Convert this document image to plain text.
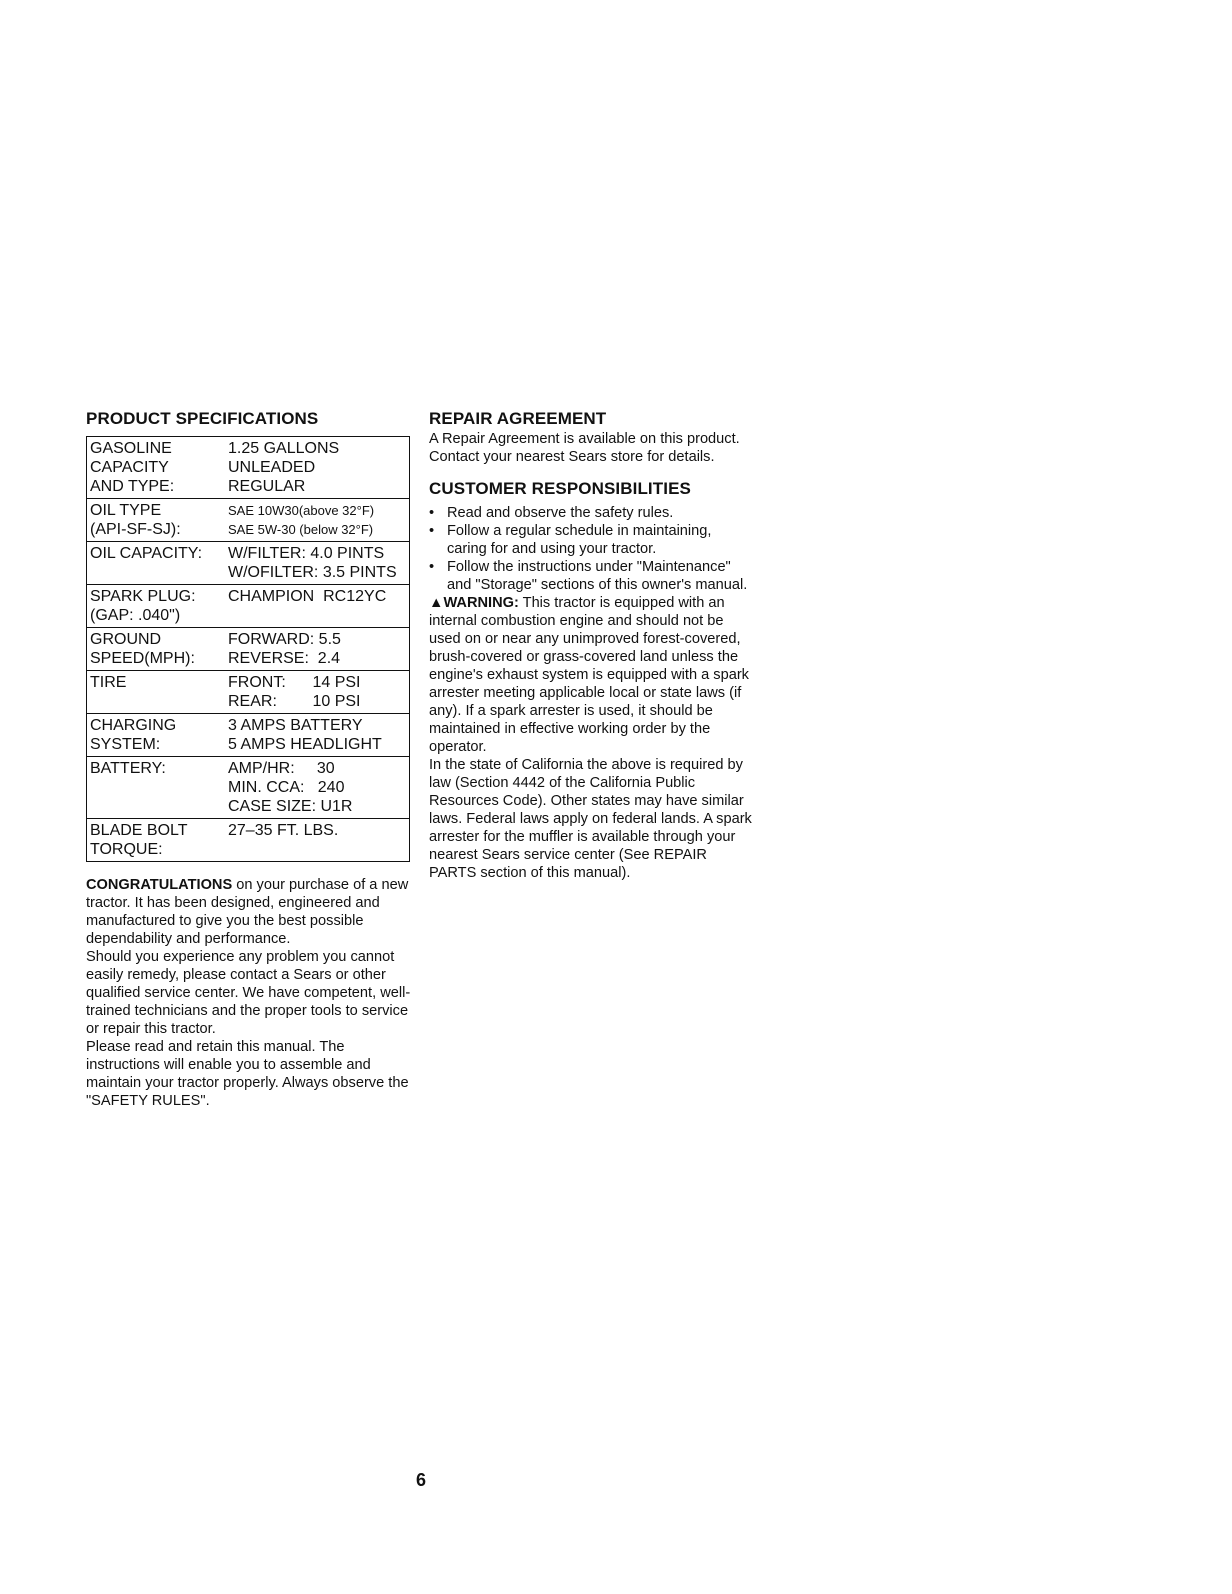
PRODUCT SPECIFICATIONS
GASOLINE
CAPACITY
AND TYPE:	1.25 GALLONS
UNLEADED
REGULAR
OIL TYPE
(API-SF-SJ):	SAE 10W30(above 32°F)
SAE 5W-30 (below 32°F)
OIL CAPACITY:	W/FILTER: 4.0 PINTS
W/OFILTER: 3.5 PINTS
SPARK PLUG:
(GAP: .040")	CHAMPION  RC12YC
GROUND
SPEED(MPH):	FORWARD: 5.5
REVERSE:  2.4
TIRE	FRONT:      14 PSI
REAR:        10 PSI
CHARGING
SYSTEM:	3 AMPS BATTERY
5 AMPS HEADLIGHT
BATTERY:	AMP/HR:     30
MIN. CCA:   240
CASE SIZE: U1R
BLADE BOLT
TORQUE:	27–35 FT. LBS.

CONGRATULATIONS on your purchase of a new tractor. It has been designed, engineered and manufactured to give you the best possible dependability and performance.

Should you experience any problem you cannot easily remedy, please contact a Sears or other qualified service center. We have competent, well-trained technicians and the proper tools to service or repair this tractor.

Please read and retain this manual. The instructions will enable you to assemble and maintain your tractor properly. Always observe the "SAFETY RULES".

REPAIR AGREEMENT

A Repair Agreement is available on this product. Contact your nearest Sears store for details.

CUSTOMER RESPONSIBILITIES
• Read and observe the safety rules.
• Follow a regular schedule in maintaining, caring for and using your tractor.
• Follow the instructions under "Maintenance" and "Storage" sections of this owner's manual.

▲WARNING: This tractor is equipped with an internal combustion engine and should not be used on or near any unimproved forest-covered, brush-covered or grass-covered land unless the engine's exhaust system is equipped with a spark arrester meeting applicable local or state laws (if any). If a spark arrester is used, it should be maintained in effective working order by the operator.

In the state of California the above is required by law (Section 4442 of the California Public Resources Code). Other states may have similar laws. Federal laws apply on federal lands. A spark arrester for the muffler is available through your nearest Sears service center (See REPAIR PARTS section of this manual).

6
